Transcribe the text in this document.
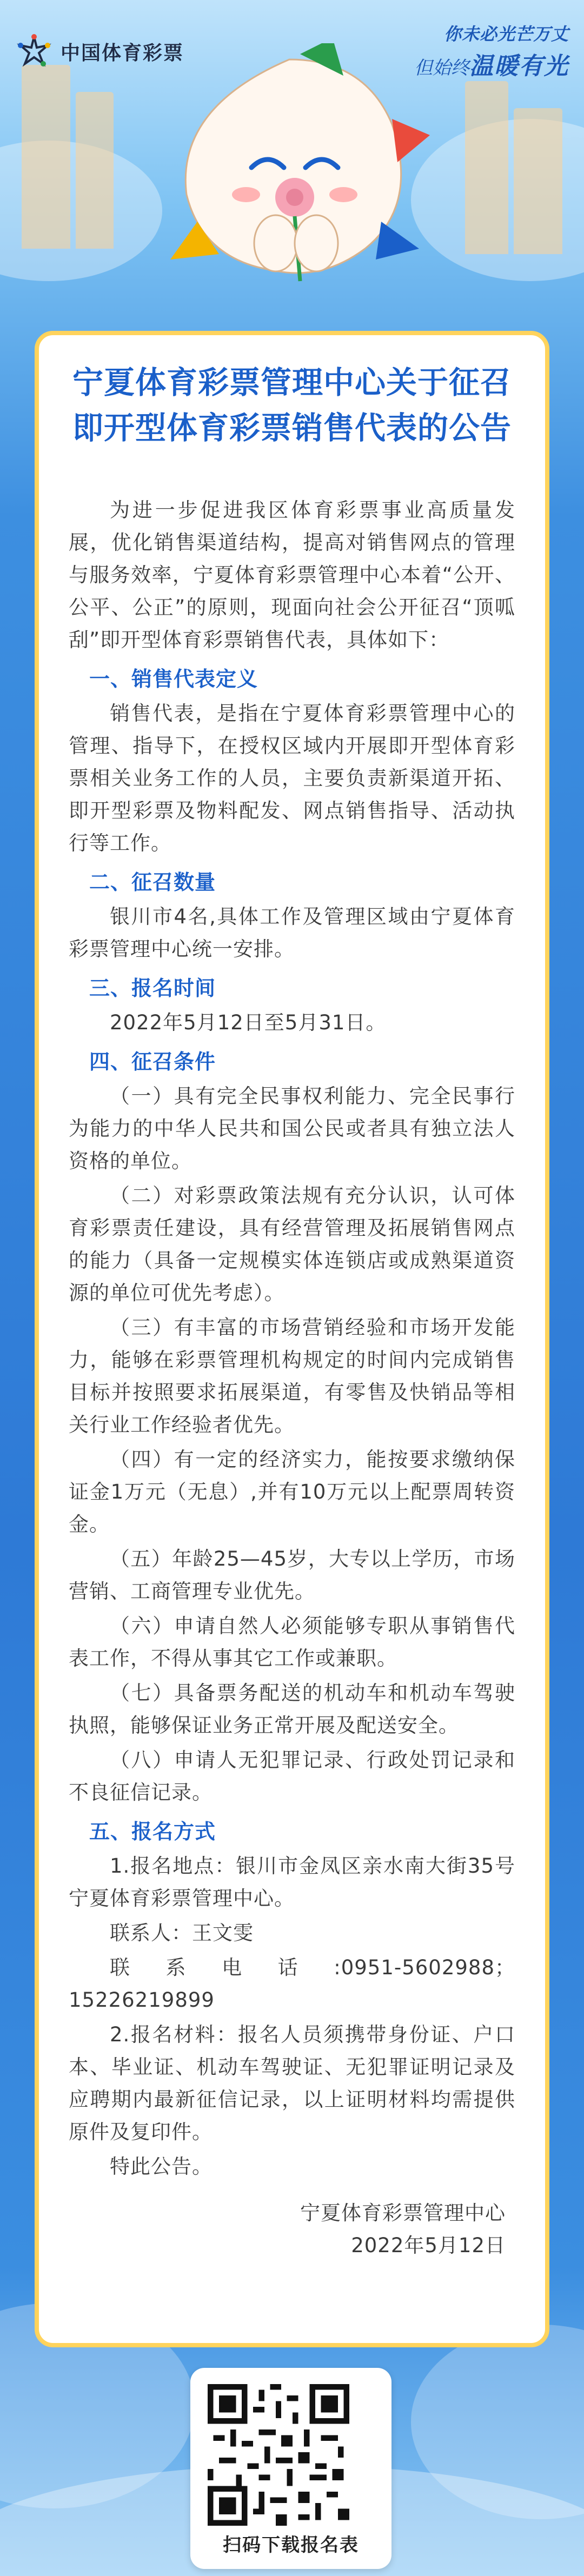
中国体育彩票
你未必光芒万丈
但始终温暖有光
宁夏体育彩票管理中心关于征召
即开型体育彩票销售代表的公告

为进一步促进我区体育彩票事业高质量发展，优化销售渠道结构，提高对销售网点的管理与服务效率，宁夏体育彩票管理中心本着“公开、公平、公正”的原则，现面向社会公开征召“顶呱刮”即开型体育彩票销售代表，具体如下：

一、销售代表定义

销售代表，是指在宁夏体育彩票管理中心的管理、指导下，在授权区域内开展即开型体育彩票相关业务工作的人员，主要负责新渠道开拓、即开型彩票及物料配发、网点销售指导、活动执行等工作。

二、征召数量

银川市4名,具体工作及管理区域由宁夏体育彩票管理中心统一安排。

三、报名时间

2022年5月12日至5月31日。

四、征召条件

（一）具有完全民事权利能力、完全民事行为能力的中华人民共和国公民或者具有独立法人资格的单位。

（二）对彩票政策法规有充分认识，认可体育彩票责任建设，具有经营管理及拓展销售网点的能力（具备一定规模实体连锁店或成熟渠道资源的单位可优先考虑）。

（三）有丰富的市场营销经验和市场开发能力，能够在彩票管理机构规定的时间内完成销售目标并按照要求拓展渠道，有零售及快销品等相关行业工作经验者优先。

（四）有一定的经济实力，能按要求缴纳保证金1万元（无息）,并有10万元以上配票周转资金。

（五）年龄25—45岁，大专以上学历，市场营销、工商管理专业优先。

（六）申请自然人必须能够专职从事销售代表工作，不得从事其它工作或兼职。

（七）具备票务配送的机动车和机动车驾驶执照，能够保证业务正常开展及配送安全。

（八）申请人无犯罪记录、行政处罚记录和不良征信记录。

五、报名方式

1.报名地点：银川市金凤区亲水南大街35号宁夏体育彩票管理中心。

联系人：王文雯

联系电话:0951-5602988；15226219899

2.报名材料：报名人员须携带身份证、户口本、毕业证、机动车驾驶证、无犯罪证明记录及应聘期内最新征信记录，以上证明材料均需提供原件及复印件。

特此公告。

宁夏体育彩票管理中心
2022年5月12日
扫码下载报名表
